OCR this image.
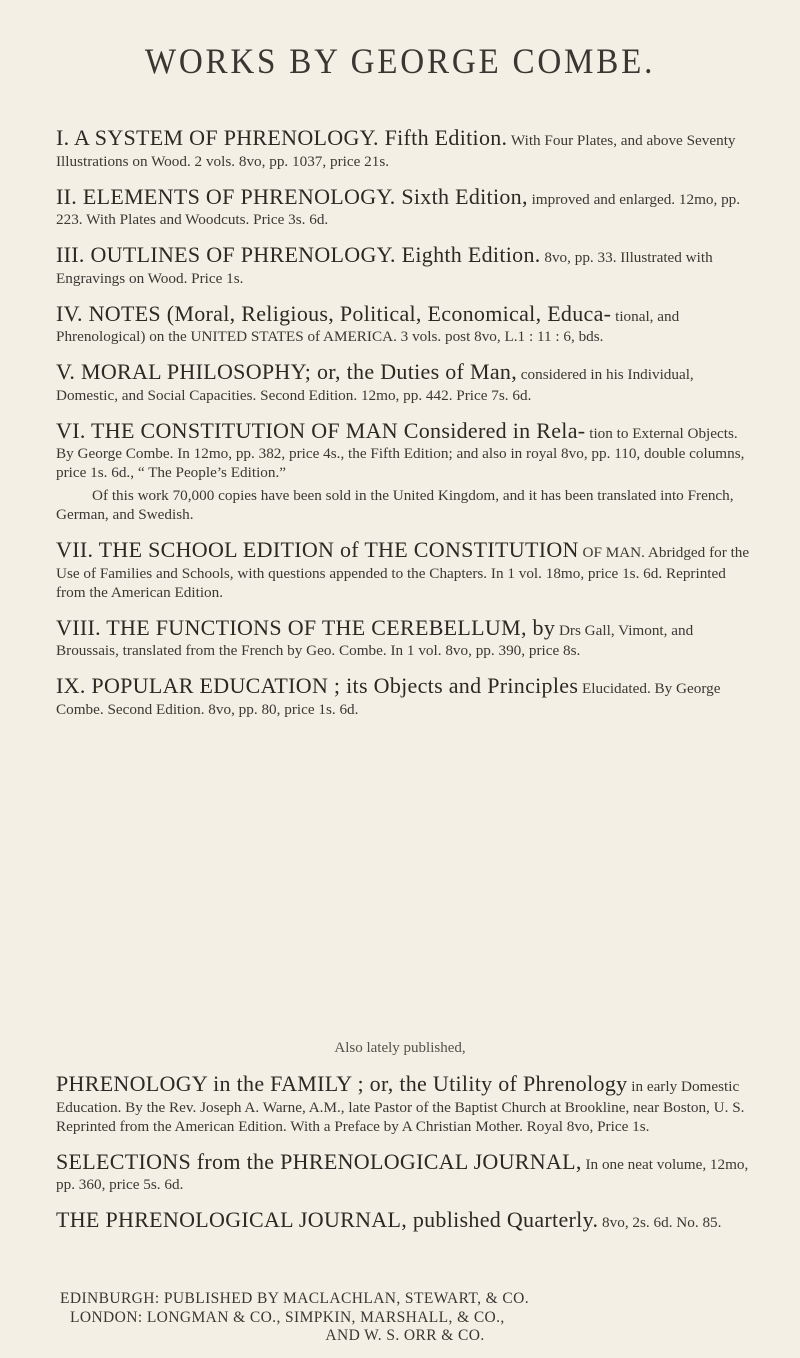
WORKS BY GEORGE COMBE.
I. A SYSTEM OF PHRENOLOGY. Fifth Edition. With Four Plates, and above Seventy Illustrations on Wood. 2 vols. 8vo, pp. 1037, price 21s.
II. ELEMENTS OF PHRENOLOGY. Sixth Edition, improved and enlarged. 12mo, pp. 223. With Plates and Woodcuts. Price 3s. 6d.
III. OUTLINES OF PHRENOLOGY. Eighth Edition. 8vo, pp. 33. Illustrated with Engravings on Wood. Price 1s.
IV. NOTES (Moral, Religious, Political, Economical, Educa- tional, and Phrenological) on the UNITED STATES of AMERICA. 3 vols. post 8vo, L.1 : 11 : 6, bds.
V. MORAL PHILOSOPHY; or, the Duties of Man, considered in his Individual, Domestic, and Social Capacities. Second Edition. 12mo, pp. 442. Price 7s. 6d.
VI. THE CONSTITUTION OF MAN Considered in Rela- tion to External Objects. By George Combe. In 12mo, pp. 382, price 4s., the Fifth Edition; and also in royal 8vo, pp. 110, double columns, price 1s. 6d., “ The People’s Edition.”
Of this work 70,000 copies have been sold in the United Kingdom, and it has been translated into French, German, and Swedish.
VII. THE SCHOOL EDITION of THE CONSTITUTION OF MAN. Abridged for the Use of Families and Schools, with questions appended to the Chapters. In 1 vol. 18mo, price 1s. 6d. Reprinted from the American Edition.
VIII. THE FUNCTIONS OF THE CEREBELLUM, by Drs Gall, Vimont, and Broussais, translated from the French by Geo. Combe. In 1 vol. 8vo, pp. 390, price 8s.
IX. POPULAR EDUCATION ; its Objects and Principles Elucidated. By George Combe. Second Edition. 8vo, pp. 80, price 1s. 6d.
Also lately published,
PHRENOLOGY in the FAMILY ; or, the Utility of Phrenology in early Domestic Education. By the Rev. Joseph A. Warne, A.M., late Pastor of the Baptist Church at Brookline, near Boston, U. S. Reprinted from the American Edition. With a Preface by A Christian Mother. Royal 8vo, Price 1s.
SELECTIONS from the PHRENOLOGICAL JOURNAL, In one neat volume, 12mo, pp. 360, price 5s. 6d.
THE PHRENOLOGICAL JOURNAL, published Quarterly. 8vo, 2s. 6d. No. 85.
EDINBURGH: PUBLISHED BY MACLACHLAN, STEWART, & CO.
LONDON: LONGMAN & CO., SIMPKIN, MARSHALL, & CO.,
AND W. S. ORR & CO.
